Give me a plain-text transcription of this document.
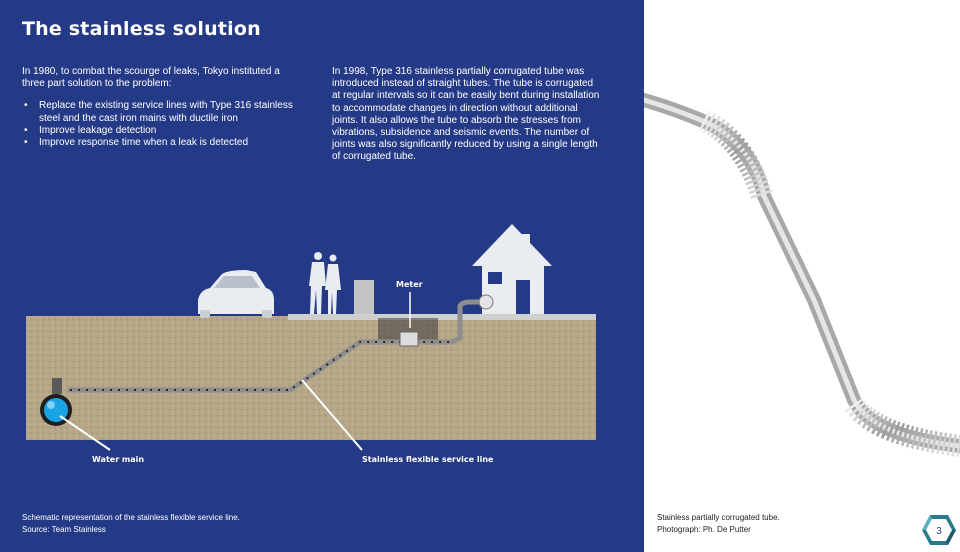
The stainless solution
In 1980, to combat the scourge of leaks, Tokyo instituted a three part solution to the problem:
• Replace the existing service lines with Type 316 stainless steel and the cast iron mains with ductile iron
• Improve leakage detection
• Improve response time when a leak is detected
In 1998, Type 316 stainless partially corrugated tube was introduced instead of straight tubes. The tube is corrugated at regular intervals so it can be easily bent during installation to accommodate changes in direction without additional joints. It also allows the tube to absorb the stresses from vibrations, subsidence and seismic events. The number of joints was also significantly reduced by using a single length of corrugated tube.
Meter
Water main	Stainless flexible service line
Schematic representation of the stainless flexible service line.
Source: Team Stainless
Stainless partially corrugated tube.
Photograph: Ph. De Putter	3
